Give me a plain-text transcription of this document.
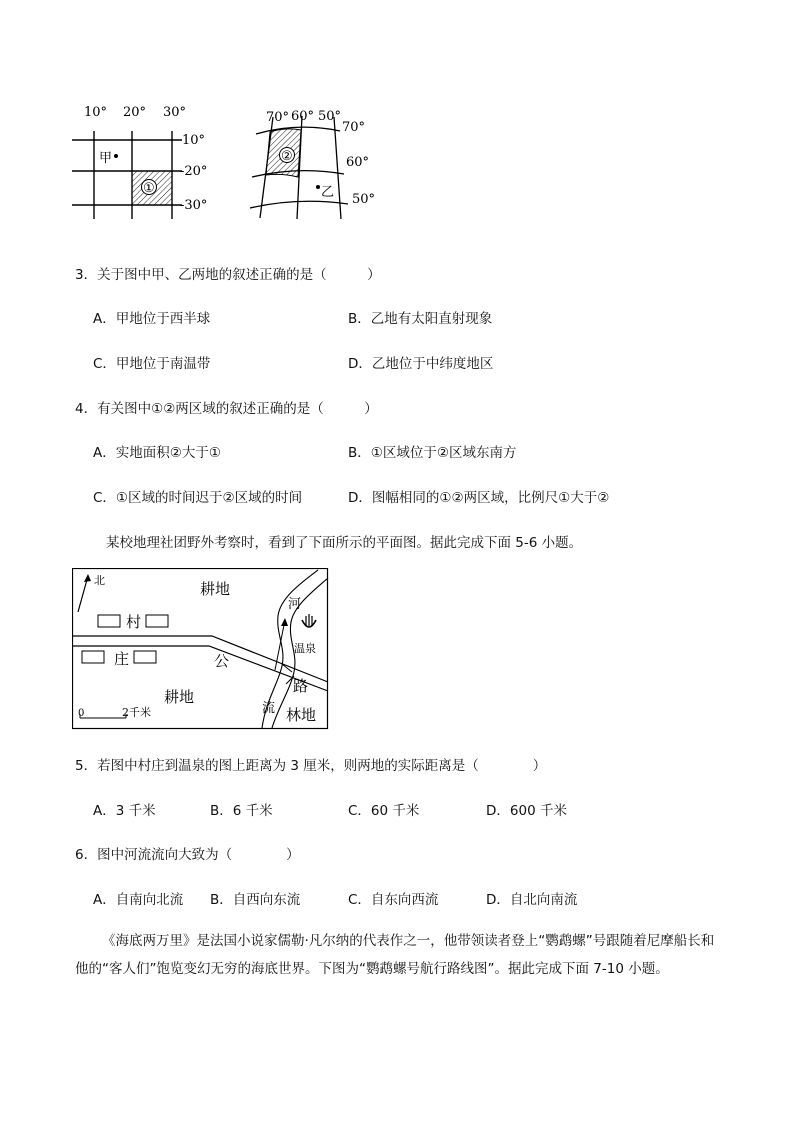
10° 20° 30°
10°
-20°
-30°
甲
①
70° 60° 50°
70°
60°
50°
②
乙
3．关于图中甲、乙两地的叙述正确的是（　　　）
A．甲地位于西半球	B．乙地有太阳直射现象
C．甲地位于南温带	D．乙地位于中纬度地区
4．有关图中①②两区域的叙述正确的是（　　　）
A．实地面积②大于①	B．①区域位于②区域东南方
C．①区域的时间迟于②区域的时间	D．图幅相同的①②两区域，比例尺①大于②
某校地理社团野外考察时，看到了下面所示的平面图。据此完成下面 5-6 小题。
北	耕地
村
庄	公
路
河
流
温泉
耕地
林地
0	2千米
5．若图中村庄到温泉的图上距离为 3 厘米，则两地的实际距离是（　　　　）
A．3 千米	B．6 千米	C．60 千米	D．600 千米
6．图中河流流向大致为（　　　　）
A．自南向北流 B．自西向东流	C．自东向西流	D．自北向南流
《海底两万里》是法国小说家儒勒·凡尔纳的代表作之一，他带领读者登上“鹦鹉螺”号跟随着尼摩船长和他的“客人们”饱览变幻无穷的海底世界。下图为“鹦鹉螺号航行路线图”。据此完成下面 7-10 小题。
